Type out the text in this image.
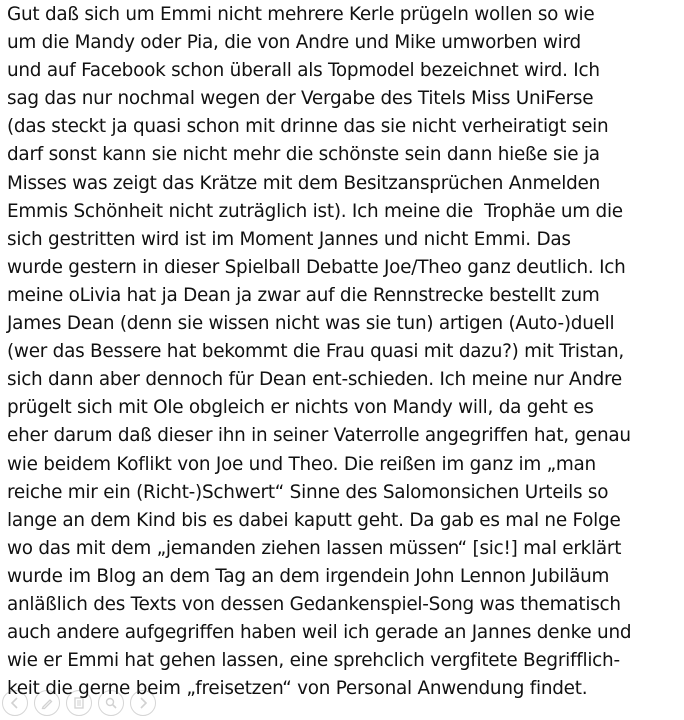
Gut daß sich um Emmi nicht mehrere Kerle prügeln wollen so wie
um die Mandy oder Pia, die von Andre und Mike umworben wird
und auf Facebook schon überall als Topmodel bezeichnet wird. Ich
sag das nur nochmal wegen der Vergabe des Titels Miss UniFerse
(das steckt ja quasi schon mit drinne das sie nicht verheiratigt sein
darf sonst kann sie nicht mehr die schönste sein dann hieße sie ja
Misses was zeigt das Krätze mit dem Besitzansprüchen Anmelden
Emmis Schönheit nicht zuträglich ist). Ich meine die  Trophäe um die
sich gestritten wird ist im Moment Jannes und nicht Emmi. Das
wurde gestern in dieser Spielball Debatte Joe/Theo ganz deutlich. Ich
meine oLivia hat ja Dean ja zwar auf die Rennstrecke bestellt zum
James Dean (denn sie wissen nicht was sie tun) artigen (Auto-)duell
(wer das Bessere hat bekommt die Frau quasi mit dazu?) mit Tristan,
sich dann aber dennoch für Dean ent-schieden. Ich meine nur Andre
prügelt sich mit Ole obgleich er nichts von Mandy will, da geht es
eher darum daß dieser ihn in seiner Vaterrolle angegriffen hat, genau
wie beidem Koflikt von Joe und Theo. Die reißen im ganz im „man
reiche mir ein (Richt-)Schwert“ Sinne des Salomonsichen Urteils so
lange an dem Kind bis es dabei kaputt geht. Da gab es mal ne Folge
wo das mit dem „jemanden ziehen lassen müssen“ [sic!] mal erklärt
wurde im Blog an dem Tag an dem irgendein John Lennon Jubiläum
anläßlich des Texts von dessen Gedankenspiel-Song was thematisch
auch andere aufgegriffen haben weil ich gerade an Jannes denke und
wie er Emmi hat gehen lassen, eine sprehclich vergfitete Begrifflich-
keit die gerne beim „freisetzen“ von Personal Anwendung findet.
